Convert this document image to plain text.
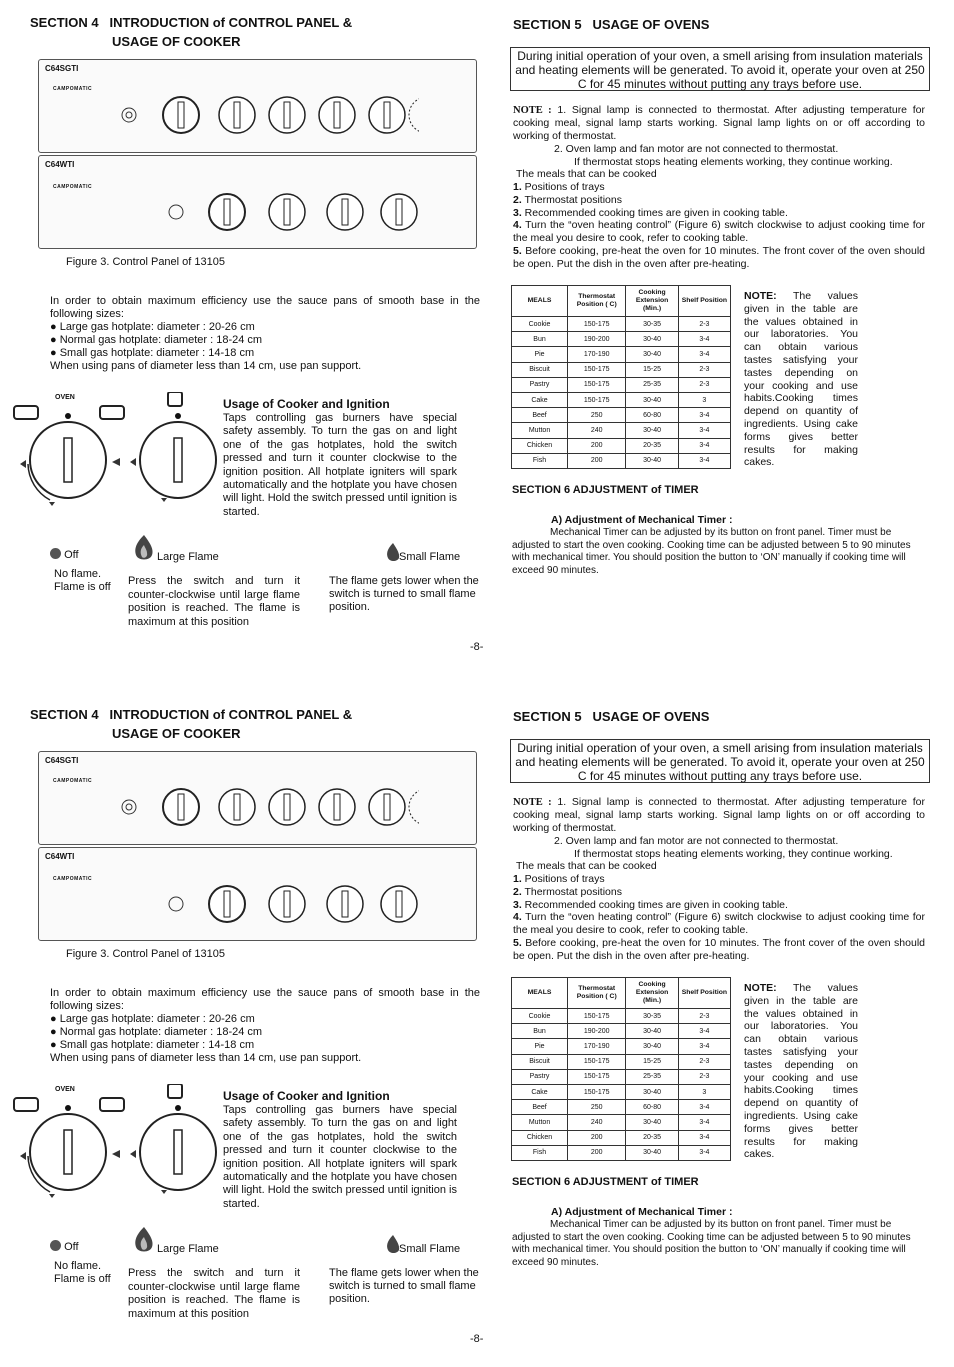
SECTION 4   INTRODUCTION of CONTROL PANEL &
USAGE OF COOKER
C64SGTI
CAMPOMATIC
C64WTI
CAMPOMATIC
Figure 3. Control Panel of 13105
In order to obtain maximum efficiency use the sauce pans of smooth base in the following sizes:
● Large gas hotplate: diameter : 20-26 cm
● Normal gas hotplate: diameter : 18-24 cm
● Small gas hotplate: diameter : 14-18 cm
When using pans of diameter less than 14 cm, use pan support.
OVEN	Usage of Cooker and Ignition
Taps controlling gas burners have special safety assembly. To turn the gas on and light one of the gas hotplates, hold the switch pressed and turn it counter clockwise to the ignition position. All hotplate igniters will spark automatically and the hotplate you have chosen will light. Hold the switch pressed until ignition is started.
Off
No flame.
Flame is off
Large Flame
Press the switch and turn it counter-clockwise until large flame position is reached. The flame is maximum at this position
Small Flame
The flame gets lower when the switch is turned to small flame position.
SECTION 5   USAGE OF OVENS
During initial operation of your oven, a smell arising from insulation materials and heating elements will be generated. To avoid it, operate your oven at 250 C for 45 minutes without putting any trays before use.
NOTE : 1. Signal lamp is connected to thermostat. After adjusting temperature for cooking meal, signal lamp starts working. Signal lamp lights on or off according to working of thermostat.
2. Oven lamp and fan motor are not connected to thermostat.
If thermostat stops heating elements working, they continue working.
The meals that can be cooked
1. Positions of trays
2. Thermostat positions
3. Recommended cooking times are given in cooking table.
4. Turn the “oven heating control” (Figure 6) switch clockwise to adjust cooking time for the meal you desire to cook, refer to cooking table.
5. Before cooking, pre-heat the oven for 10 minutes. The front cover of the oven should be open. Put the dish in the oven after pre-heating.
MEALS	Thermostat Position ( C)	Cooking Extension (Min.)	Shelf Position
Cookie	150-175	30-35	2-3
Bun	190-200	30-40	3-4
Pie	170-190	30-40	3-4
Biscuit	150-175	15-25	2-3
Pastry	150-175	25-35	2-3
Cake	150-175	30-40	3
Beef	250	60-80	3-4
Mutton	240	30-40	3-4
Chicken	200	20-35	3-4
Fish	200	30-40	3-4
NOTE: The values given in the table are the values obtained in our laboratories. You can obtain various tastes satisfying your tastes depending on your cooking and use habits.Cooking times depend on quantity of ingredients. Using cake forms gives better results for making cakes.
SECTION 6 ADJUSTMENT of TIMER
A) Adjustment of Mechanical Timer :
Mechanical Timer can be adjusted by its button on front panel. Timer must be adjusted to start the oven cooking. Cooking time can be adjusted between 5 to 90 minutes with mechanical timer. You should position the button to ‘ON’ manually if cooking time will exceed 90 minutes.
-8-
SECTION 4   INTRODUCTION of CONTROL PANEL &
USAGE OF COOKER
C64SGTI
CAMPOMATIC
C64WTI
CAMPOMATIC
Figure 3. Control Panel of 13105
In order to obtain maximum efficiency use the sauce pans of smooth base in the following sizes:
● Large gas hotplate: diameter : 20-26 cm
● Normal gas hotplate: diameter : 18-24 cm
● Small gas hotplate: diameter : 14-18 cm
When using pans of diameter less than 14 cm, use pan support.
OVEN	Usage of Cooker and Ignition
Taps controlling gas burners have special safety assembly. To turn the gas on and light one of the gas hotplates, hold the switch pressed and turn it counter clockwise to the ignition position. All hotplate igniters will spark automatically and the hotplate you have chosen will light. Hold the switch pressed until ignition is started.
Off
No flame.
Flame is off
Large Flame
Press the switch and turn it counter-clockwise until large flame position is reached. The flame is maximum at this position
Small Flame
The flame gets lower when the switch is turned to small flame position.
SECTION 5   USAGE OF OVENS
During initial operation of your oven, a smell arising from insulation materials and heating elements will be generated. To avoid it, operate your oven at 250 C for 45 minutes without putting any trays before use.
NOTE : 1. Signal lamp is connected to thermostat. After adjusting temperature for cooking meal, signal lamp starts working. Signal lamp lights on or off according to working of thermostat.
2. Oven lamp and fan motor are not connected to thermostat.
If thermostat stops heating elements working, they continue working.
The meals that can be cooked
1. Positions of trays
2. Thermostat positions
3. Recommended cooking times are given in cooking table.
4. Turn the “oven heating control” (Figure 6) switch clockwise to adjust cooking time for the meal you desire to cook, refer to cooking table.
5. Before cooking, pre-heat the oven for 10 minutes. The front cover of the oven should be open. Put the dish in the oven after pre-heating.
MEALS	Thermostat Position ( C)	Cooking Extension (Min.)	Shelf Position
Cookie	150-175	30-35	2-3
Bun	190-200	30-40	3-4
Pie	170-190	30-40	3-4
Biscuit	150-175	15-25	2-3
Pastry	150-175	25-35	2-3
Cake	150-175	30-40	3
Beef	250	60-80	3-4
Mutton	240	30-40	3-4
Chicken	200	20-35	3-4
Fish	200	30-40	3-4
NOTE: The values given in the table are the values obtained in our laboratories. You can obtain various tastes satisfying your tastes depending on your cooking and use habits.Cooking times depend on quantity of ingredients. Using cake forms gives better results for making cakes.
SECTION 6 ADJUSTMENT of TIMER
A) Adjustment of Mechanical Timer :
Mechanical Timer can be adjusted by its button on front panel. Timer must be adjusted to start the oven cooking. Cooking time can be adjusted between 5 to 90 minutes with mechanical timer. You should position the button to ‘ON’ manually if cooking time will exceed 90 minutes.
-8-
